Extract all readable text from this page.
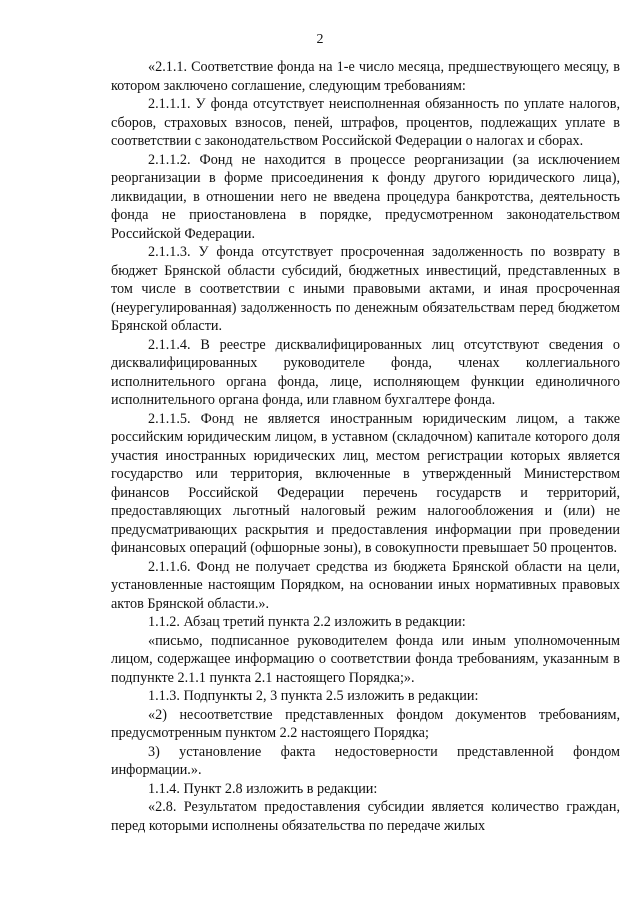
2

«2.1.1. Соответствие фонда на 1-е число месяца, предшествующего месяцу, в котором заключено соглашение, следующим требованиям:

2.1.1.1. У фонда отсутствует неисполненная обязанность по уплате налогов, сборов, страховых взносов, пеней, штрафов, процентов, подлежащих уплате в соответствии с законодательством Российской Федерации о налогах и сборах.

2.1.1.2. Фонд не находится в процессе реорганизации (за исключением реорганизации в форме присоединения к фонду другого юридического лица), ликвидации, в отношении него не введена процедура банкротства, деятельность фонда не приостановлена в порядке, предусмотренном законодательством Российской Федерации.

2.1.1.3. У фонда отсутствует просроченная задолженность по возврату в бюджет Брянской области субсидий, бюджетных инвестиций, представленных в том числе в соответствии с иными правовыми актами, и иная просроченная (неурегулированная) задолженность по денежным обязательствам перед бюджетом Брянской области.

2.1.1.4. В реестре дисквалифицированных лиц отсутствуют сведения о дисквалифицированных руководителе фонда, членах коллегиального исполнительного органа фонда, лице, исполняющем функции единоличного исполнительного органа фонда, или главном бухгалтере фонда.

2.1.1.5. Фонд не является иностранным юридическим лицом, а также российским юридическим лицом, в уставном (складочном) капитале которого доля участия иностранных юридических лиц, местом регистрации которых является государство или территория, включенные в утвержденный Министерством финансов Российской Федерации перечень государств и территорий, предоставляющих льготный налоговый режим налогообложения и (или) не предусматривающих раскрытия и предоставления информации при проведении финансовых операций (офшорные зоны), в совокупности превышает 50 процентов.

2.1.1.6. Фонд не получает средства из бюджета Брянской области на цели, установленные настоящим Порядком, на основании иных нормативных правовых актов Брянской области.».

1.1.2. Абзац третий пункта 2.2 изложить в редакции:

«письмо, подписанное руководителем фонда или иным уполномоченным лицом, содержащее информацию о соответствии фонда требованиям, указанным в подпункте 2.1.1 пункта 2.1 настоящего Порядка;».

1.1.3. Подпункты 2, 3 пункта 2.5 изложить в редакции:

«2) несоответствие представленных фондом документов требованиям, предусмотренным пунктом 2.2 настоящего Порядка;

3) установление факта недостоверности представленной фондом информации.».

1.1.4. Пункт 2.8 изложить в редакции:

«2.8. Результатом предоставления субсидии является количество граждан, перед которыми исполнены обязательства по передаче жилых
